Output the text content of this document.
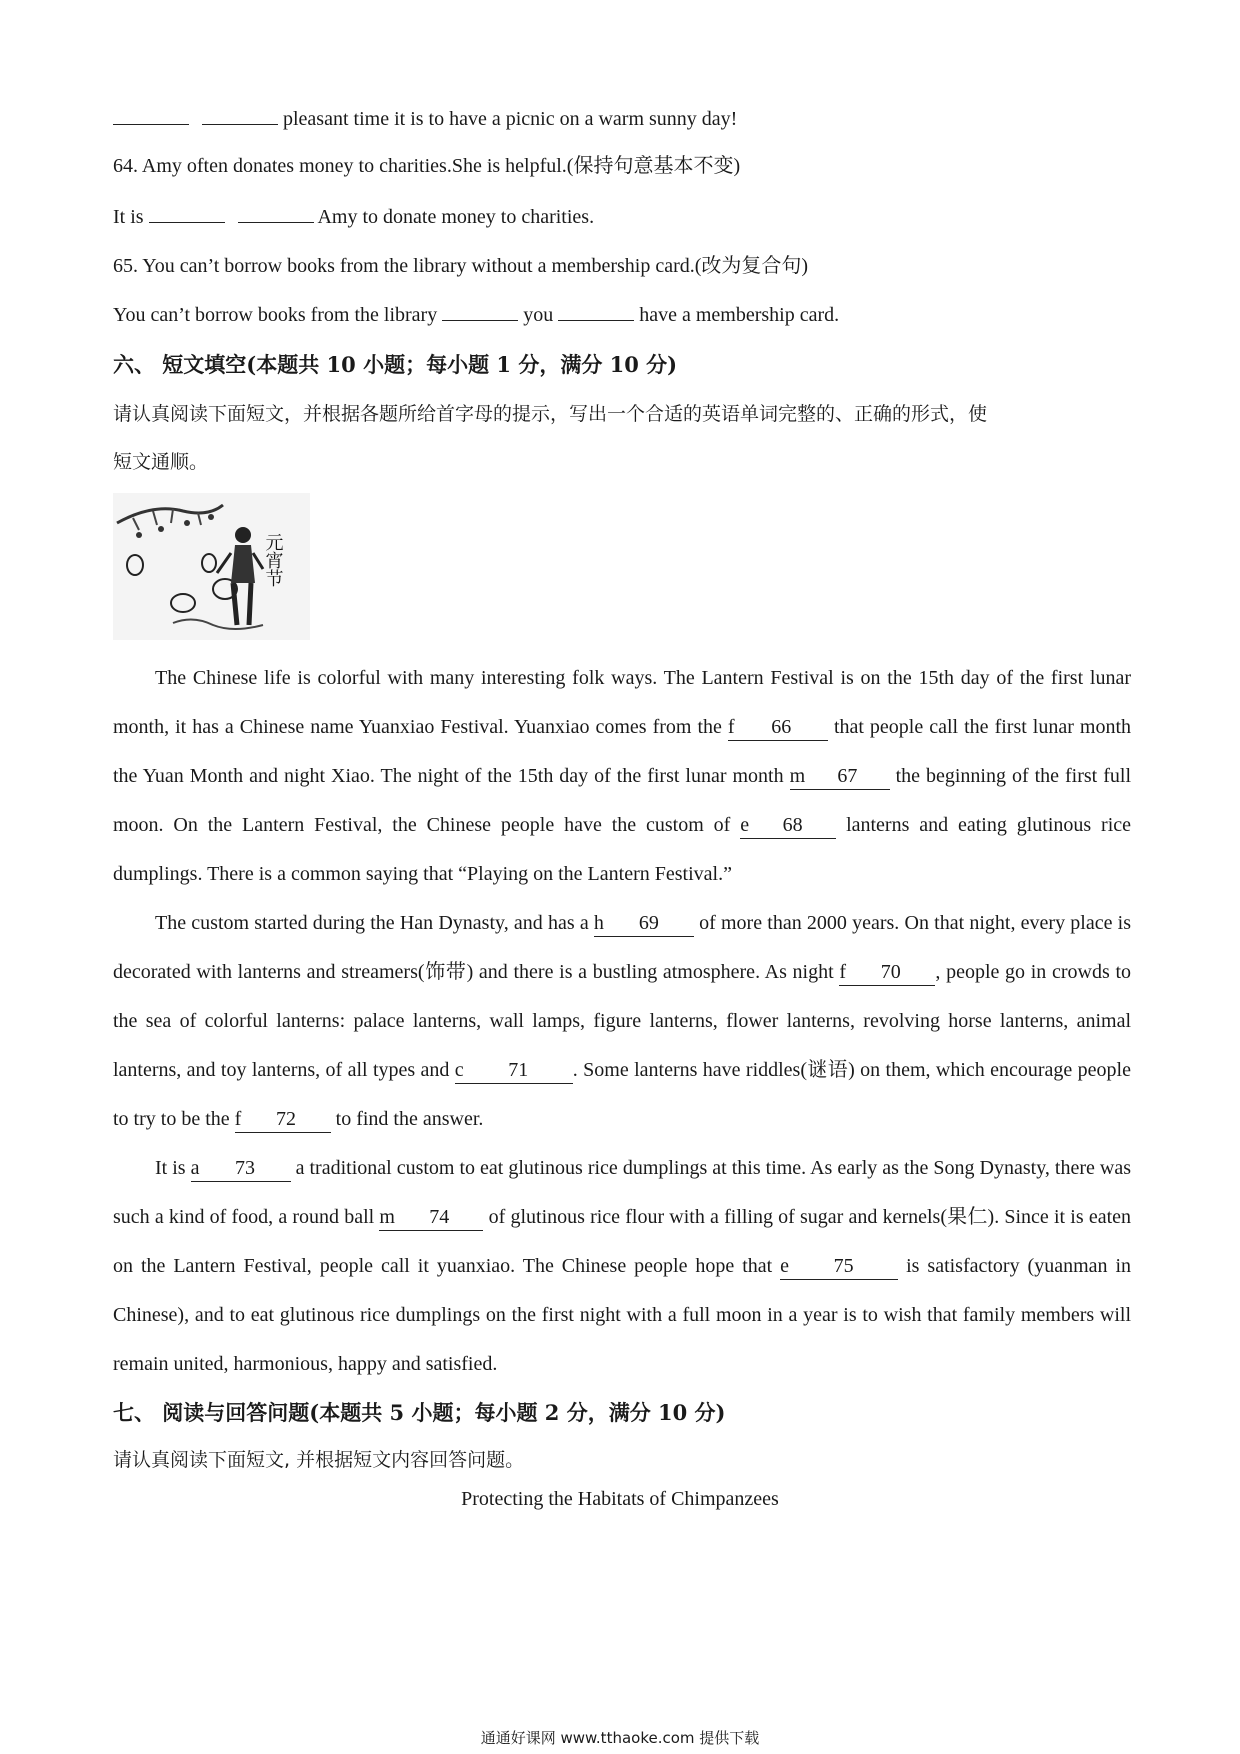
pleasant time it is to have a picnic on a warm sunny day!
64. Amy often donates money to charities.She is helpful.(保持句意基本不变)
It is	Amy to donate money to charities.
65. You can’t borrow books from the library without a membership card.(改为复合句)
You can’t borrow books from the library	you	have a membership card.
六、 短文填空(本题共 10 小题；每小题 1 分，满分 10 分)
请认真阅读下面短文，并根据各题所给首字母的提示，写出一个合适的英语单词完整的、正确的形式，使
短文通顺。
元宵节

The Chinese life is colorful with many interesting folk ways. The Lantern Festival is on the 15th day of the first lunar month, it has a Chinese name Yuanxiao Festival. Yuanxiao comes from the f 66 that people call the first lunar month the Yuan Month and night Xiao. The night of the 15th day of the first lunar month m 67 the beginning of the first full moon. On the Lantern Festival, the Chinese people have the custom of e 68 lanterns and eating glutinous rice dumplings. There is a common saying that “Playing on the Lantern Festival.”

The custom started during the Han Dynasty, and has a h 69 of more than 2000 years. On that night, every place is decorated with lanterns and streamers(饰带) and there is a bustling atmosphere. As night f 70 , people go in crowds to the sea of colorful lanterns: palace lanterns, wall lamps, figure lanterns, flower lanterns, revolving horse lanterns, animal lanterns, and toy lanterns, of all types and c 71 . Some lanterns have riddles(谜语) on them, which encourage people to try to be the f 72 to find the answer.

It is a 73 a traditional custom to eat glutinous rice dumplings at this time. As early as the Song Dynasty, there was such a kind of food, a round ball m 74 of glutinous rice flour with a filling of sugar and kernels(果仁). Since it is eaten on the Lantern Festival, people call it yuanxiao. The Chinese people hope that e 75	is satisfactory (yuanman in Chinese), and to eat glutinous rice dumplings on the first night with a full moon in a year is to wish that family members will remain united, harmonious, happy and satisfied.

七、 阅读与回答问题(本题共 5 小题；每小题 2 分，满分 10 分)
请认真阅读下面短文, 并根据短文内容回答问题。
Protecting the Habitats of Chimpanzees
通通好课网 www.tthaoke.com 提供下载
